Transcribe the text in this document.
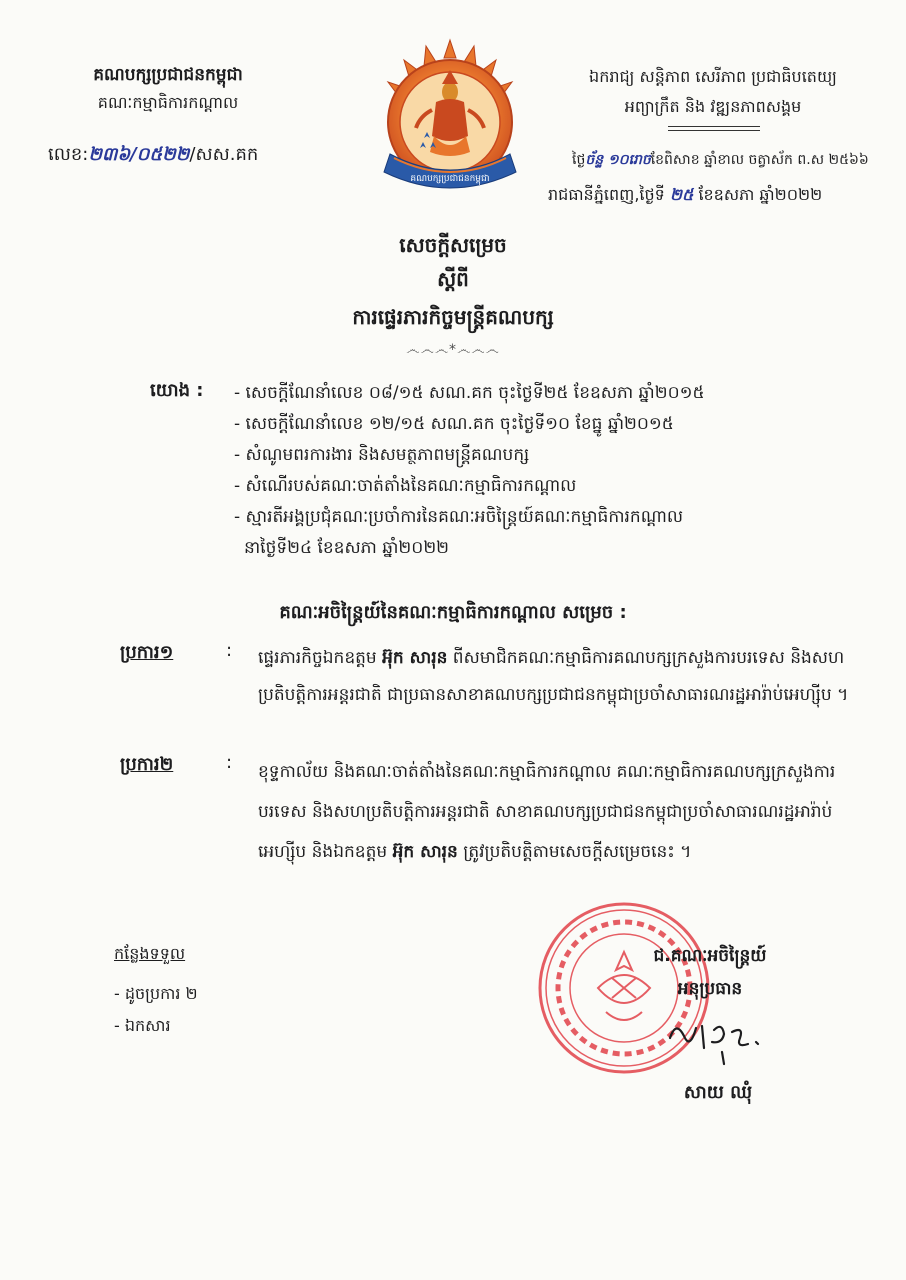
គណបក្សប្រជាជនកម្ពុជា
គណៈកម្មាធិការកណ្តាល
លេខ:២៣៦/០៥២២/សស.គក
គណបក្សប្រជាជនកម្ពុជា
ឯករាជ្យ សន្តិភាព សេរីភាព ប្រជាធិបតេយ្យ
អព្យាក្រឹត និង វឌ្ឍនភាពសង្គម
ថ្ងៃច័ន្ទ ១០រោចខែពិសាខ ឆ្នាំខាល ចត្វាស័ក ព.ស ២៥៦៦
រាជធានីភ្នំពេញ,ថ្ងៃទី ២៥ ខែឧសភា ឆ្នាំ២០២២
សេចក្តីសម្រេច
ស្តីពី
ការផ្ទេរភារកិច្ចមន្ត្រីគណបក្ស
෴෴෴*෴෴෴
យោង : - សេចក្តីណែនាំលេខ ០៨/១៥ សណ.គក ចុះថ្ងៃទី២៥ ខែឧសភា ឆ្នាំ២០១៥
- សេចក្តីណែនាំលេខ ១២/១៥ សណ.គក ចុះថ្ងៃទី១០ ខែធ្នូ ឆ្នាំ២០១៥
- សំណូមពរការងារ និងសមត្ថភាពមន្ត្រីគណបក្ស
- សំណើរបស់គណៈចាត់តាំងនៃគណៈកម្មាធិការកណ្តាល
- ស្មារតីអង្គប្រជុំគណៈប្រចាំការនៃគណៈអចិន្ត្រៃយ៍គណៈកម្មាធិការកណ្តាល
នាថ្ងៃទី២៤ ខែឧសភា ឆ្នាំ២០២២
គណៈអចិន្ត្រៃយ៍នៃគណៈកម្មាធិការកណ្តាល សម្រេច :
ប្រការ១	: ផ្ទេរភារកិច្ចឯកឧត្តម អ៊ុក សារុន ពីសមាជិកគណៈកម្មាធិការគណបក្សក្រសួងការបរទេស និងសហប្រតិបត្តិការអន្តរជាតិ ជាប្រធានសាខាគណបក្សប្រជាជនកម្ពុជាប្រចាំសាធារណរដ្ឋអារ៉ាប់អេហ្ស៊ីប ។
ប្រការ២	: ខុទ្ទកាល័យ និងគណៈចាត់តាំងនៃគណៈកម្មាធិការកណ្តាល គណៈកម្មាធិការគណបក្សក្រសួងការបរទេស និងសហប្រតិបត្តិការអន្តរជាតិ សាខាគណបក្សប្រជាជនកម្ពុជាប្រចាំសាធារណរដ្ឋអារ៉ាប់ អេហ្ស៊ីប និងឯកឧត្តម អ៊ុក សារុន ត្រូវប្រតិបត្តិតាមសេចក្តីសម្រេចនេះ ។
កន្លែងទទួល
- ដូចប្រការ ២
- ឯកសារ
ជ.គណៈអចិន្ត្រៃយ៍
អនុប្រធាន
សាយ ឈុំ
